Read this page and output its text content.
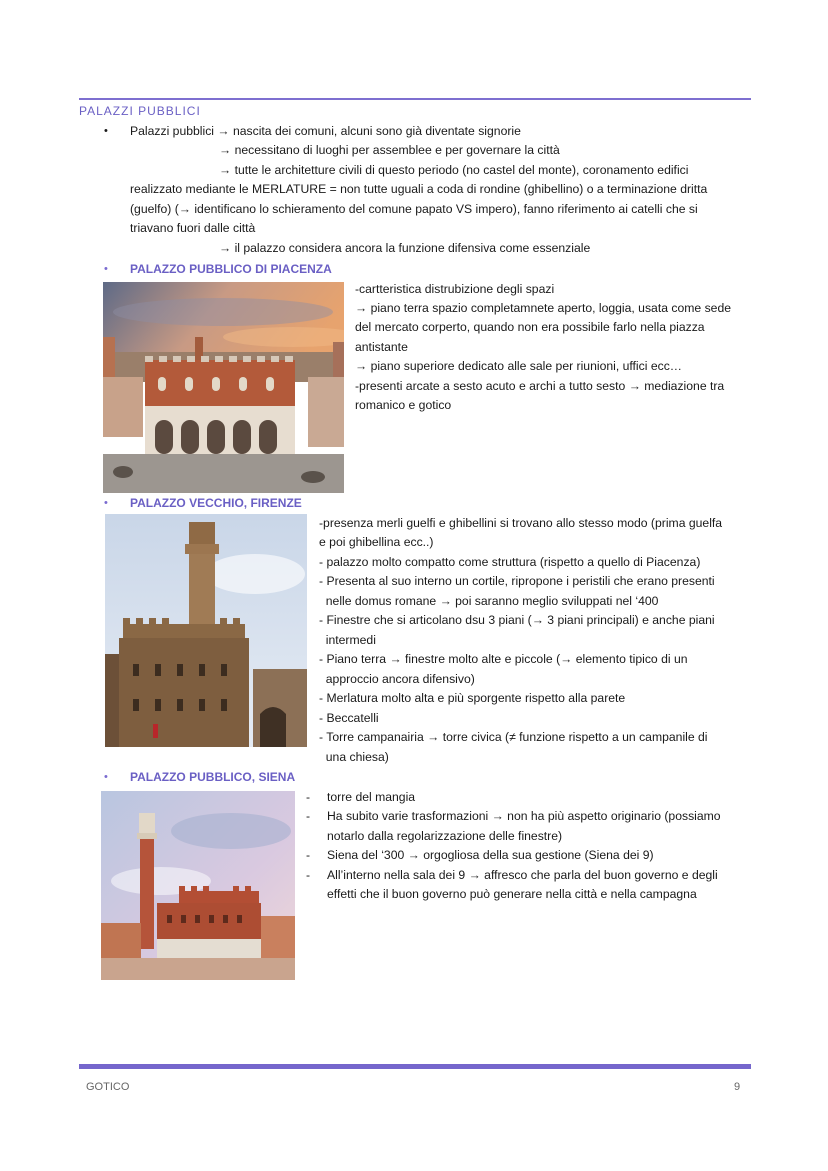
PALAZZI PUBBLICI
• Palazzi pubblici → nascita dei comuni, alcuni sono già diventate signorie
→ necessitano di luoghi per assemblee e per governare la città
→ tutte le architetture civili di questo periodo (no castel del monte), coronamento edifici
realizzato mediante le MERLATURE = non tutte uguali a coda di rondine (ghibellino) o a terminazione dritta
(guelfo) (→ identificano lo schieramento del comune papato VS impero), fanno riferimento ai catelli che si
triavano fuori dalle città
→ il palazzo considera ancora la funzione difensiva come essenziale
• PALAZZO PUBBLICO DI PIACENZA
-cartteristica distrubizione degli spazi
→ piano terra spazio completamnete aperto, loggia, usata come sede
del mercato corperto, quando non era possibile farlo nella piazza
antistante
→ piano superiore dedicato alle sale per riunioni, uffici ecc…
-presenti arcate a sesto acuto e archi a tutto sesto → mediazione tra
romanico e gotico
• PALAZZO VECCHIO, FIRENZE
-presenza merli guelfi e ghibellini si trovano allo stesso modo (prima guelfa
e poi ghibellina ecc..)
- palazzo molto compatto come struttura (rispetto a quello di Piacenza)
- Presenta al suo interno un cortile, ripropone i peristili che erano presenti
nelle domus romane → poi saranno meglio sviluppati nel ‘400
- Finestre che si articolano dsu 3 piani (→ 3 piani principali) e anche piani
intermedi
- Piano terra → finestre molto alte e piccole (→ elemento tipico di un
approccio ancora difensivo)
- Merlatura molto alta e più sporgente rispetto alla parete
- Beccatelli
- Torre campanairia → torre civica (≠ funzione rispetto a un campanile di
una chiesa)
• PALAZZO PUBBLICO, SIENA
- torre del mangia
- Ha subito varie trasformazioni → non ha più aspetto originario (possiamo
notarlo dalla regolarizzazione delle finestre)
- Siena del ‘300 → orgogliosa della sua gestione (Siena dei 9)
- All’interno nella sala dei 9 → affresco che parla del buon governo e degli
effetti che il buon governo può generare nella città e nella campagna
GOTICO	9
